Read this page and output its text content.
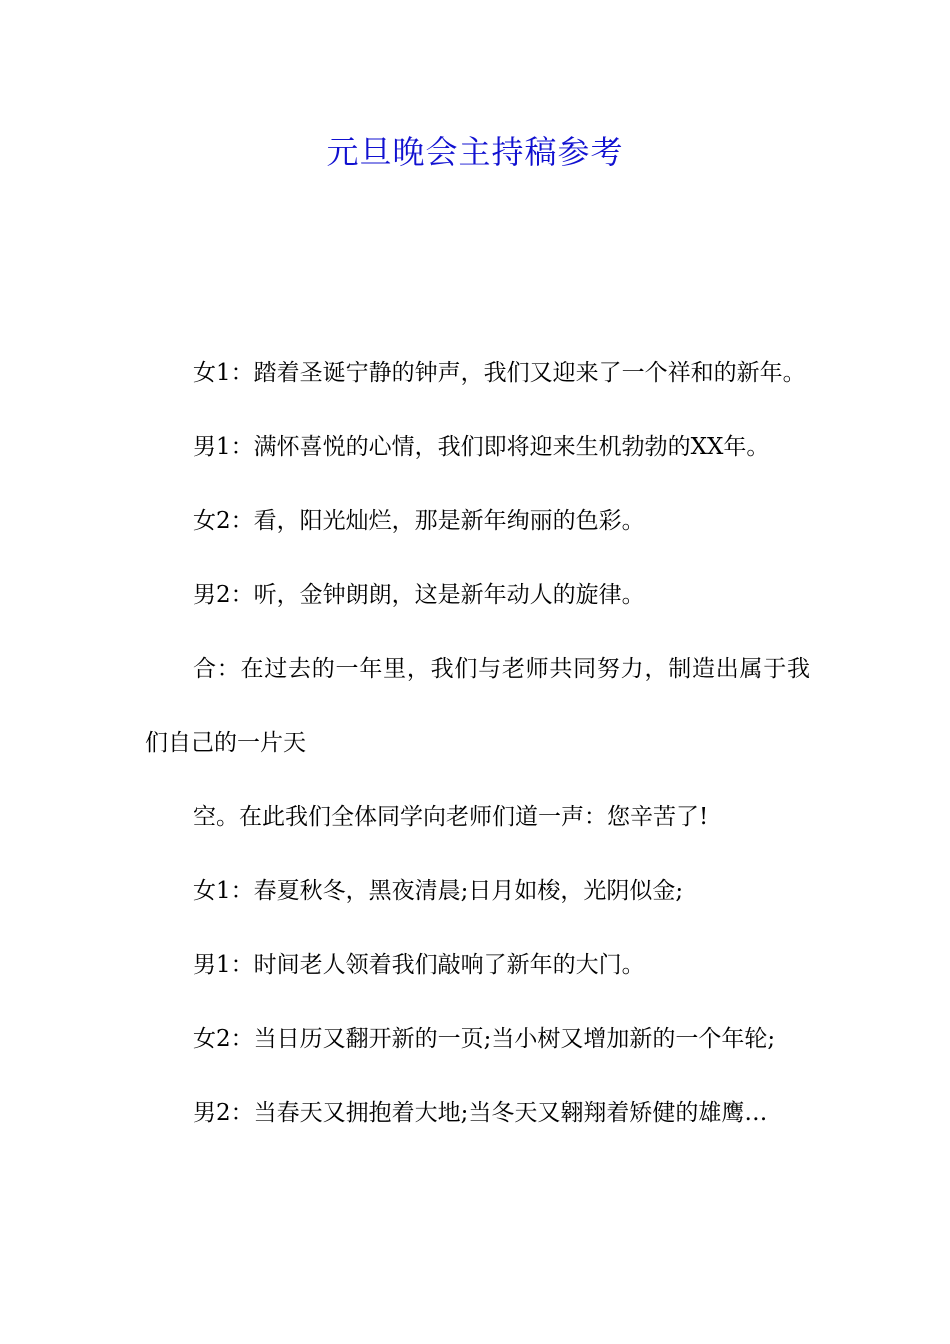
元旦晚会主持稿参考

女1：踏着圣诞宁静的钟声，我们又迎来了一个祥和的新年。

男1：满怀喜悦的心情，我们即将迎来生机勃勃的XX年。

女2：看，阳光灿烂，那是新年绚丽的色彩。

男2：听，金钟朗朗，这是新年动人的旋律。

合：在过去的一年里，我们与老师共同努力，制造出属于我们自己的一片天

空。在此我们全体同学向老师们道一声：您辛苦了!

女1：春夏秋冬，黑夜清晨;日月如梭，光阴似金;

男1：时间老人领着我们敲响了新年的大门。

女2：当日历又翻开新的一页;当小树又增加新的一个年轮;

男2：当春天又拥抱着大地;当冬天又翱翔着矫健的雄鹰…
